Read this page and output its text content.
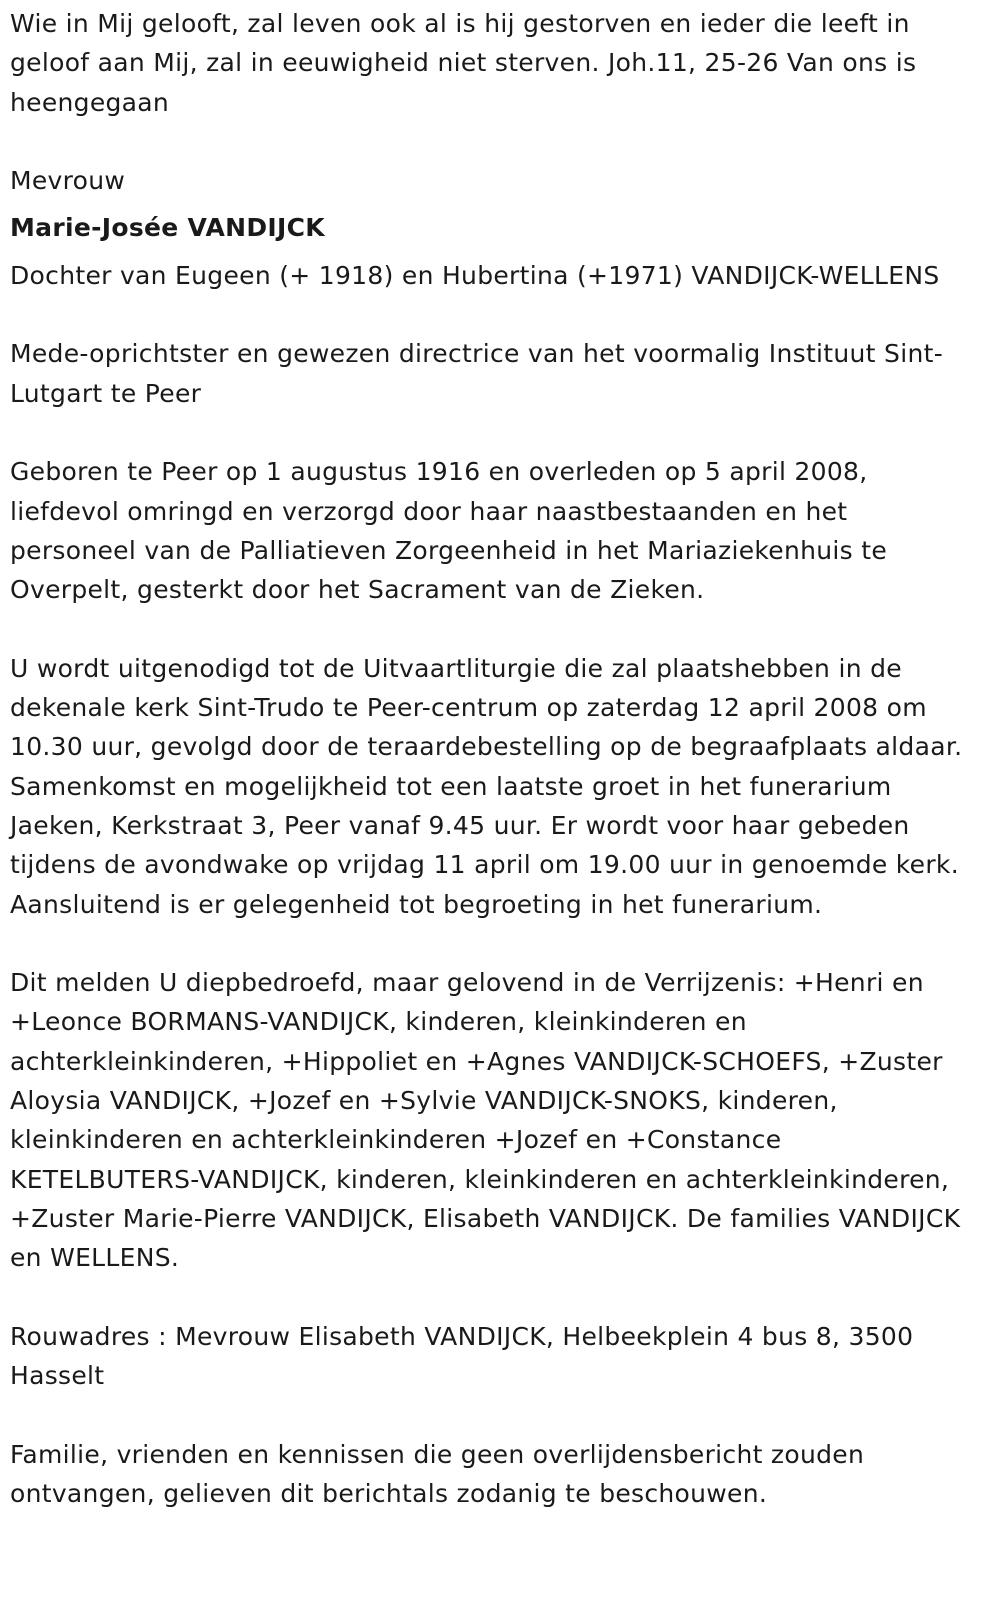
Wie in Mij gelooft, zal leven ook al is hij gestorven en ieder die leeft in geloof aan Mij, zal in eeuwigheid niet sterven. Joh.11, 25-26 Van ons is heengegaan

Mevrouw

Marie-Josée VANDIJCK

Dochter van Eugeen (+ 1918) en Hubertina (+1971) VANDIJCK-WELLENS

Mede-oprichtster en gewezen directrice van het voormalig Instituut Sint-Lutgart te Peer

Geboren te Peer op 1 augustus 1916 en overleden op 5 april 2008, liefdevol omringd en verzorgd door haar naastbestaanden en het personeel van de Palliatieven Zorgeenheid in het Mariaziekenhuis te Overpelt, gesterkt door het Sacrament van de Zieken.

U wordt uitgenodigd tot de Uitvaartliturgie die zal plaatshebben in de dekenale kerk Sint-Trudo te Peer-centrum op zaterdag 12 april 2008 om 10.30 uur, gevolgd door de teraardebestelling op de begraafplaats aldaar. Samenkomst en mogelijkheid tot een laatste groet in het funerarium Jaeken, Kerkstraat 3, Peer vanaf 9.45 uur. Er wordt voor haar gebeden tijdens de avondwake op vrijdag 11 april om 19.00 uur in genoemde kerk. Aansluitend is er gelegenheid tot begroeting in het funerarium.

Dit melden U diepbedroefd, maar gelovend in de Verrijzenis: +Henri en +Leonce BORMANS-VANDIJCK, kinderen, kleinkinderen en achterkleinkinderen, +Hippoliet en +Agnes VANDIJCK-SCHOEFS, +Zuster Aloysia VANDIJCK, +Jozef en +Sylvie VANDIJCK-SNOKS, kinderen, kleinkinderen en achterkleinkinderen +Jozef en +Constance KETELBUTERS-VANDIJCK, kinderen, kleinkinderen en achterkleinkinderen, +Zuster Marie-Pierre VANDIJCK, Elisabeth VANDIJCK. De families VANDIJCK en WELLENS.

Rouwadres : Mevrouw Elisabeth VANDIJCK, Helbeekplein 4 bus 8, 3500 Hasselt

Familie, vrienden en kennissen die geen overlijdensbericht zouden ontvangen, gelieven dit berichtals zodanig te beschouwen.
